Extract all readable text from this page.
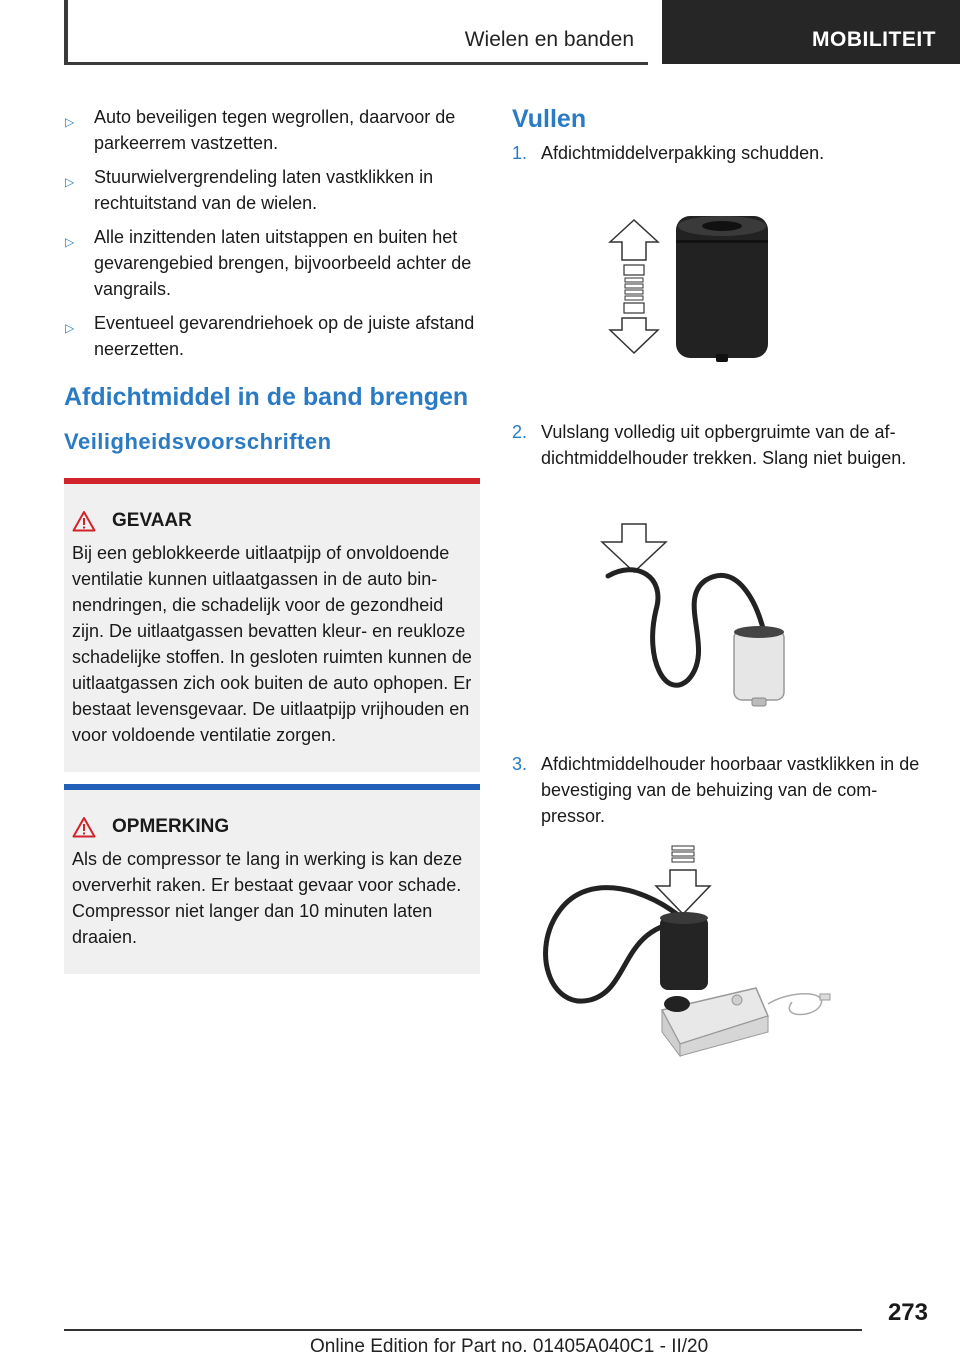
Wielen en banden	MOBILITEIT
▷ Auto beveiligen tegen wegrollen, daarvoor de parkeerrem vastzetten.
▷ Stuurwielvergrendeling laten vastklikken in rechtuitstand van de wielen.
▷ Alle inzittenden laten uitstappen en buiten het gevarengebied brengen, bijvoorbeeld achter de vangrails.
▷ Eventueel gevarendriehoek op de juiste afstand neerzetten.
Afdichtmiddel in de band brengen
Veiligheidsvoorschriften
GEVAAR
Bij een geblokkeerde uitlaatpijp of onvoldoende ventilatie kunnen uitlaatgassen in de auto binnendringen, die schadelijk voor de gezondheid zijn. De uitlaatgassen bevatten kleur- en reukloze schadelijke stoffen. In gesloten ruimten kunnen de uitlaatgassen zich ook buiten de auto ophopen. Er bestaat levensgevaar. De uitlaatpijp vrijhouden en voor voldoende ventilatie zorgen.
OPMERKING
Als de compressor te lang in werking is kan deze oververhit raken. Er bestaat gevaar voor schade. Compressor niet langer dan 10 minuten laten draaien.
Vullen
1. Afdichtmiddelverpakking schudden.
2. Vulslang volledig uit opbergruimte van de afdichtmiddelhouder trekken. Slang niet buigen.
3. Afdichtmiddelhouder hoorbaar vastklikken in de bevestiging van de behuizing van de compressor.
273
Online Edition for Part no. 01405A040C1 - II/20
